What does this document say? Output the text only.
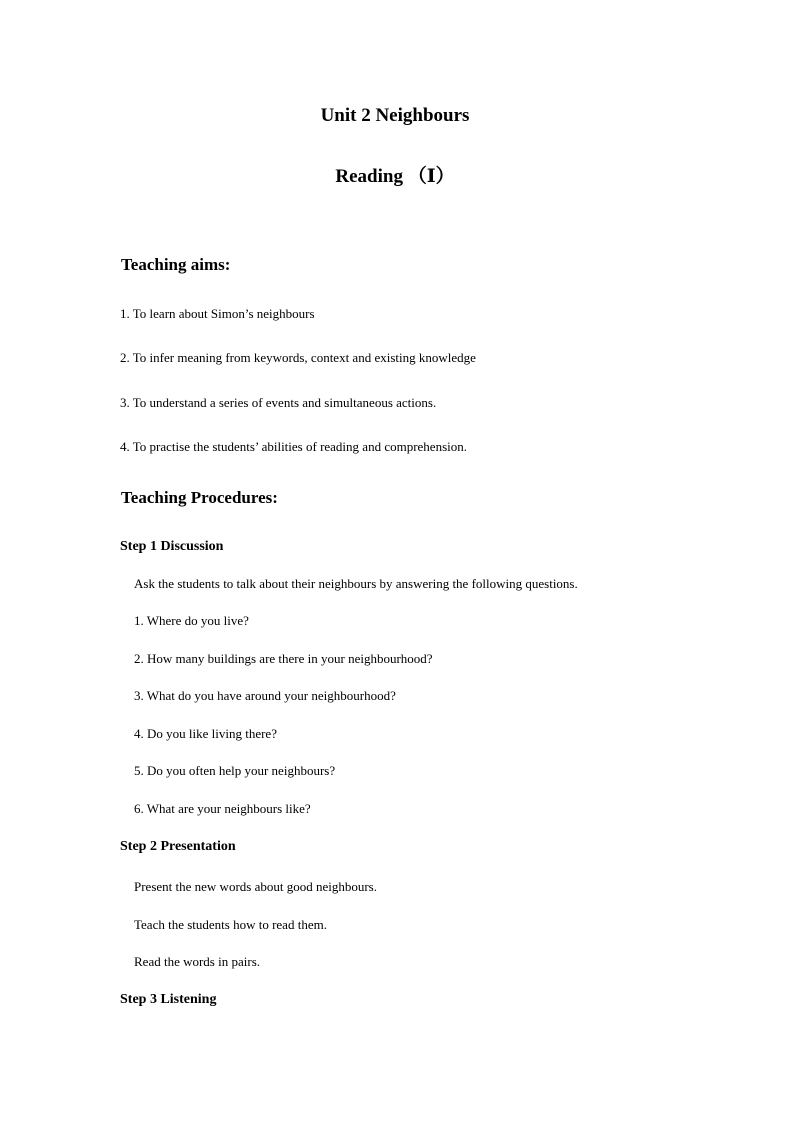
Unit 2 Neighbours
Reading （Ⅰ）
Teaching aims:
1. To learn about Simon’s neighbours
2. To infer meaning from keywords, context and existing knowledge
3. To understand a series of events and simultaneous actions.
4. To practise the students’ abilities of reading and comprehension.
Teaching Procedures:
Step 1 Discussion
Ask the students to talk about their neighbours by answering the following questions.
1. Where do you live?
2. How many buildings are there in your neighbourhood?
3. What do you have around your neighbourhood?
4. Do you like living there?
5. Do you often help your neighbours?
6. What are your neighbours like?
Step 2 Presentation
Present the new words about good neighbours.
Teach the students how to read them.
Read the words in pairs.
Step 3 Listening
